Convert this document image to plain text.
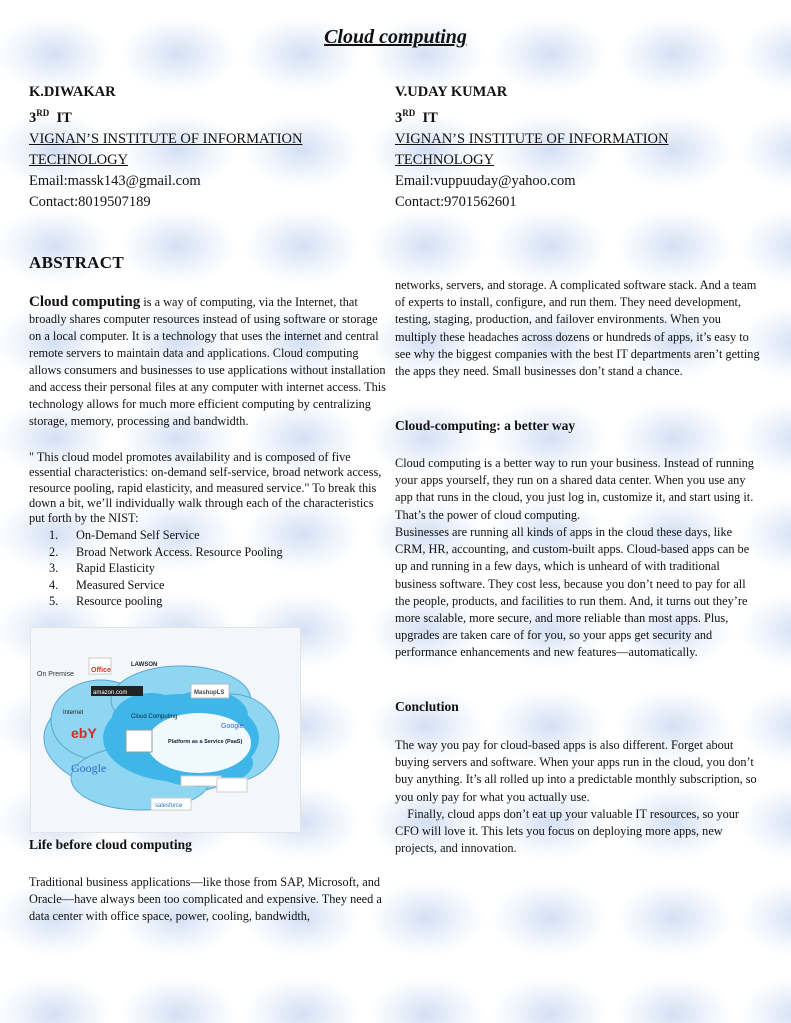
Cloud computing
K.DIWAKAR
3RD IT
VIGNAN’S INSTITUTE OF INFORMATION
TECHNOLOGY
Email:massk143@gmail.com
Contact:8019507189
V.UDAY KUMAR
3RD IT
VIGNAN’S INSTITUTE OF INFORMATION
TECHNOLOGY
Email:vuppuuday@yahoo.com
Contact:9701562601
ABSTRACT
Cloud computing is a way of computing, via the Internet, that broadly shares computer resources instead of using software or storage on a local computer. It is a technology that uses the internet and central remote servers to maintain data and applications. Cloud computing allows consumers and businesses to use applications without installation and access their personal files at any computer with internet access. This technology allows for much more efficient computing by centralizing storage, memory, processing and bandwidth.
" This cloud model promotes availability and is composed of five essential characteristics: on-demand self-service, broad network access, resource pooling, rapid elasticity, and measured service." To break this down a bit, we’ll individually walk through each of the characteristics put forth by the NIST:
1.	On-Demand Self Service
2.	Broad Network Access. Resource Pooling
3.	Rapid Elasticity
4.	Measured Service
5.	Resource pooling
On Premise
Office
LAWSON
Internet
amazon.com
ebY
Cloud Computing
MashupLS
Google
Platform as a Service (PaaS)
salesforce
Google
Life before cloud computing
Traditional business applications—like those from SAP, Microsoft, and Oracle—have always been too complicated and expensive. They need a data center with office space, power, cooling, bandwidth,
networks, servers, and storage. A complicated software stack. And a team of experts to install, configure, and run them. They need development, testing, staging, production, and failover environments. When you multiply these headaches across dozens or hundreds of apps, it’s easy to see why the biggest companies with the best IT departments aren’t getting the apps they need. Small businesses don’t stand a chance.
Cloud-computing: a better way
Cloud computing is a better way to run your business. Instead of running your apps yourself, they run on a shared data center. When you use any app that runs in the cloud, you just log in, customize it, and start using it. That’s the power of cloud computing.
Businesses are running all kinds of apps in the cloud these days, like CRM, HR, accounting, and custom-built apps. Cloud-based apps can be up and running in a few days, which is unheard of with traditional business software. They cost less, because you don’t need to pay for all the people, products, and facilities to run them. And, it turns out they’re more scalable, more secure, and more reliable than most apps. Plus, upgrades are taken care of for you, so your apps get security and performance enhancements and new features—automatically.
Conclution
The way you pay for cloud-based apps is also different. Forget about buying servers and software. When your apps run in the cloud, you don’t buy anything. It’s all rolled up into a predictable monthly subscription, so you only pay for what you actually use.
Finally, cloud apps don’t eat up your valuable IT resources, so your CFO will love it. This lets you focus on deploying more apps, new projects, and innovation.
